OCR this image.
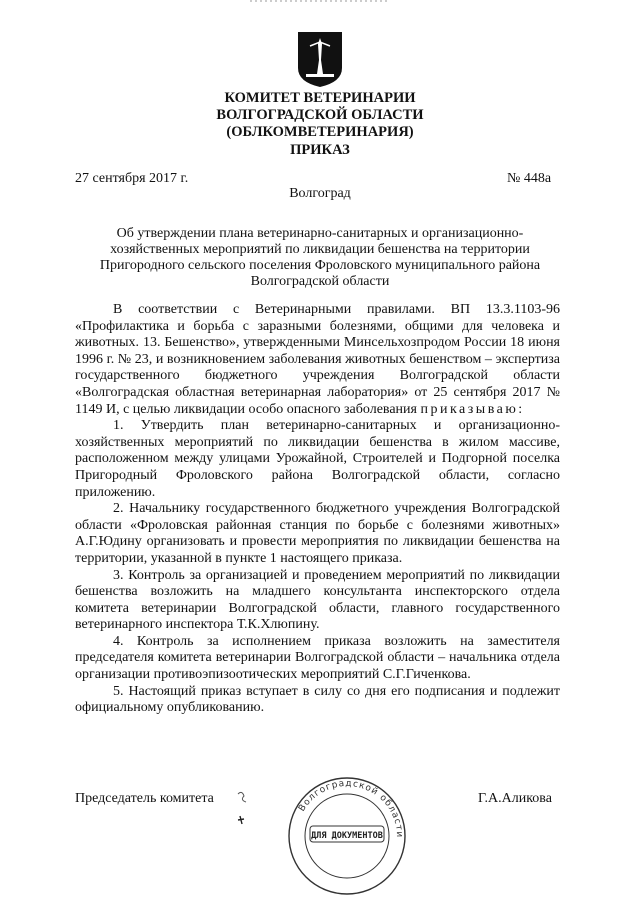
КОМИТЕТ ВЕТЕРИНАРИИ
ВОЛГОГРАДСКОЙ ОБЛАСТИ
(ОБЛКОМВЕТЕРИНАРИЯ)
ПРИКАЗ
27 сентября 2017 г.	№ 448а
Волгоград
Об утверждении плана ветеринарно-санитарных и организационно-
хозяйственных мероприятий по ликвидации бешенства на территории
Пригородного сельского поселения Фроловского муниципального района
Волгоградской области

В соответствии с Ветеринарными правилами. ВП 13.3.1103-96 «Профилактика и борьба с заразными болезнями, общими для человека и животных. 13. Бешенство», утвержденными Минсельхозпродом России 18 июня 1996 г. № 23, и возникновением заболевания животных бешенством – экспертиза государственного бюджетного учреждения Волгоградской области «Волгоградская областная ветеринарная лаборатория» от 25 сентября 2017 № 1149 И, с целью ликвидации особо опасного заболевания приказываю:

1. Утвердить план ветеринарно-санитарных и организационно-хозяйственных мероприятий по ликвидации бешенства в жилом массиве, расположенном между улицами Урожайной, Строителей и Подгорной поселка Пригородный Фроловского района Волгоградской области, согласно приложению.

2. Начальнику государственного бюджетного учреждения Волгоградской области «Фроловская районная станция по борьбе с болезнями животных» А.Г.Юдину организовать и провести мероприятия по ликвидации бешенства на территории, указанной в пункте 1 настоящего приказа.

3. Контроль за организацией и проведением мероприятий по ликвидации бешенства возложить на младшего консультанта инспекторского отдела комитета ветеринарии Волгоградской области, главного государственного ветеринарного инспектора Т.К.Хлюпину.

4. Контроль за исполнением приказа возложить на заместителя председателя комитета ветеринарии Волгоградской области – начальника отдела организации противоэпизоотических мероприятий С.Г.Гиченкова.

5. Настоящий приказ вступает в силу со дня его подписания и подлежит официальному опубликованию.

Председатель комитета
Волгоградской области
ДЛЯ ДОКУМЕНТОВ
Г.А.Аликова
